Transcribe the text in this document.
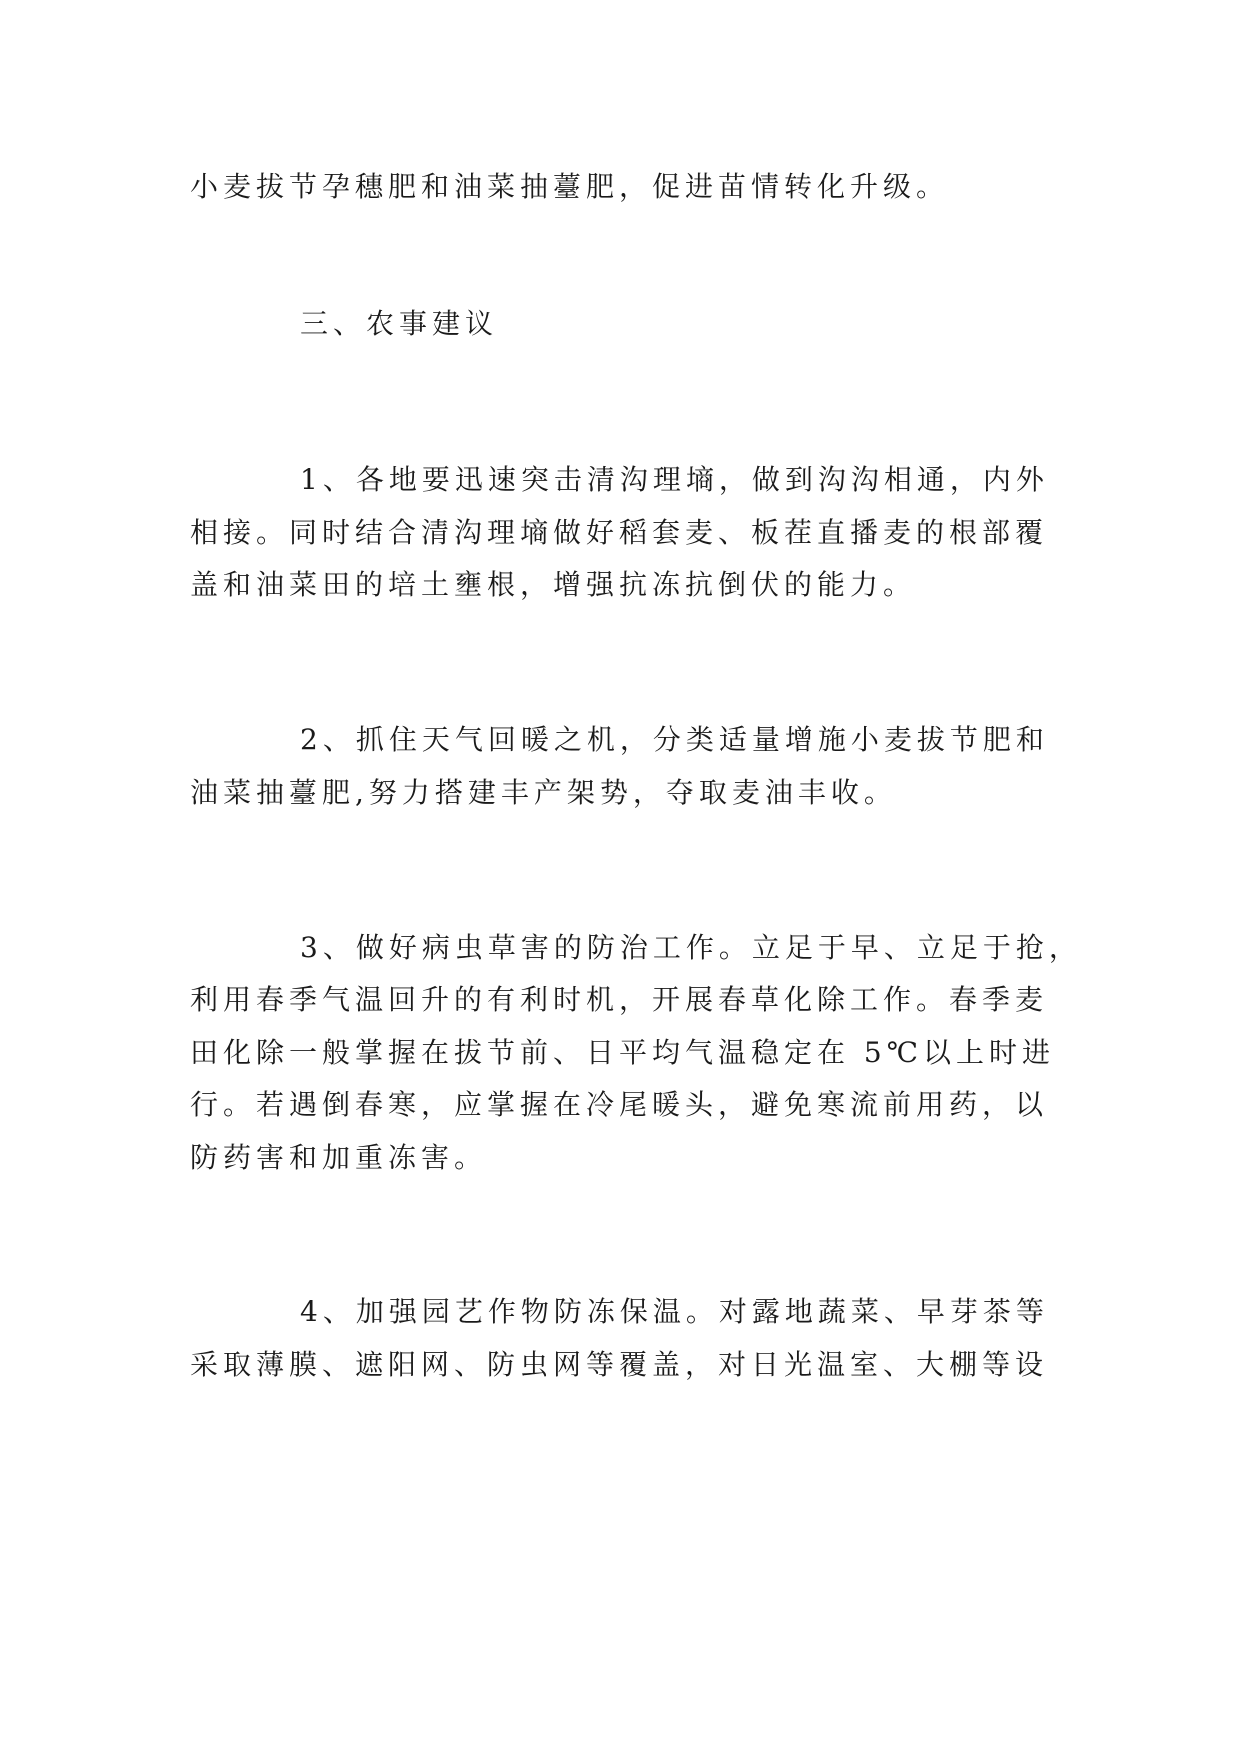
小麦拔节孕穗肥和油菜抽薹肥，促进苗情转化升级。
三、农事建议
1、各地要迅速突击清沟理墒，做到沟沟相通，内外
相接。同时结合清沟理墒做好稻套麦、板茬直播麦的根部覆
盖和油菜田的培土壅根，增强抗冻抗倒伏的能力。
2、抓住天气回暖之机，分类适量增施小麦拔节肥和
油菜抽薹肥,努力搭建丰产架势，夺取麦油丰收。
3、做好病虫草害的防治工作。立足于早、立足于抢，
利用春季气温回升的有利时机，开展春草化除工作。春季麦
田化除一般掌握在拔节前、日平均气温稳定在 5℃以上时进
行。若遇倒春寒，应掌握在冷尾暖头，避免寒流前用药，以
防药害和加重冻害。
4、加强园艺作物防冻保温。对露地蔬菜、早芽茶等
采取薄膜、遮阳网、防虫网等覆盖，对日光温室、大棚等设
